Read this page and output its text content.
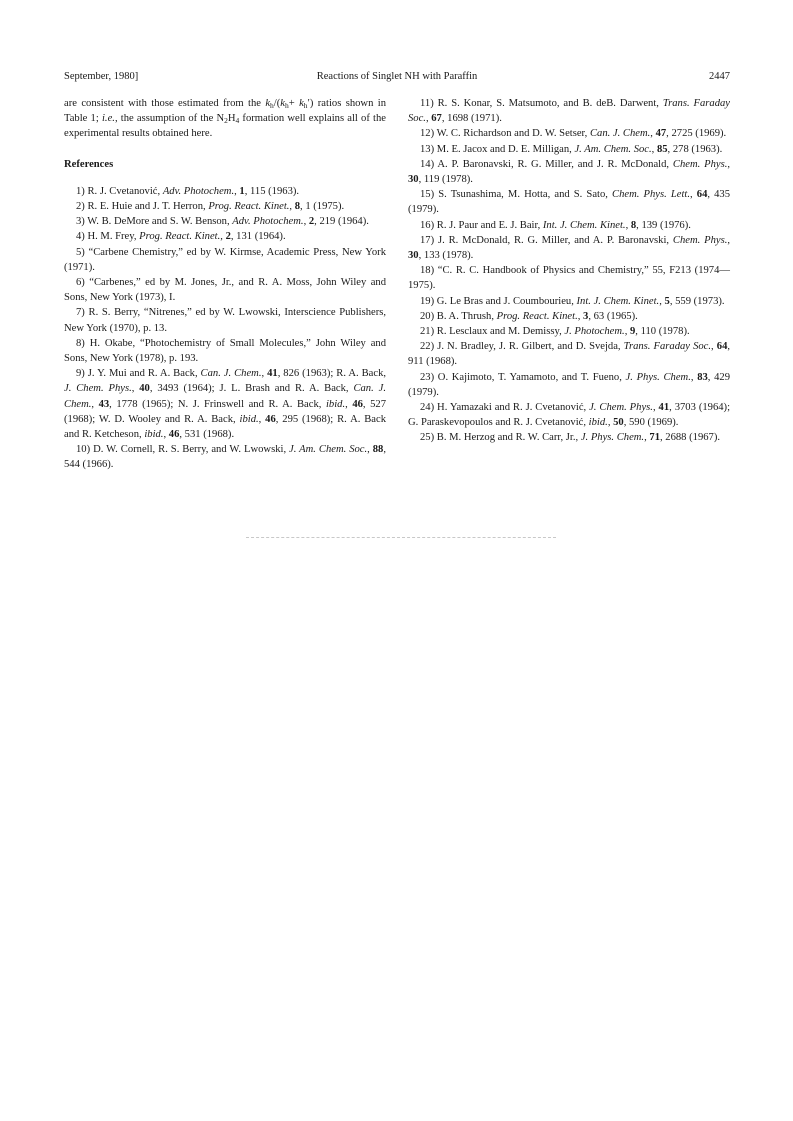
September, 1980]	Reactions of Singlet NH with Paraffin	2447

are consistent with those estimated from the $k_h/(k_h+ k_h')$ ratios shown in Table 1; i.e., the assumption of the $N_2H_4$ formation well explains all of the experimental results obtained here.

References

1) R. J. Cvetanović, Adv. Photochem., 1, 115 (1963).

2) R. E. Huie and J. T. Herron, Prog. React. Kinet., 8, 1 (1975).

3) W. B. DeMore and S. W. Benson, Adv. Photochem., 2, 219 (1964).

4) H. M. Frey, Prog. React. Kinet., 2, 131 (1964).

5) “Carbene Chemistry,” ed by W. Kirmse, Academic Press, New York (1971).

6) “Carbenes,” ed by M. Jones, Jr., and R. A. Moss, John Wiley and Sons, New York (1973), I.

7) R. S. Berry, “Nitrenes,” ed by W. Lwowski, Interscience Publishers, New York (1970), p. 13.

8) H. Okabe, “Photochemistry of Small Molecules,” John Wiley and Sons, New York (1978), p. 193.

9) J. Y. Mui and R. A. Back, Can. J. Chem., 41, 826 (1963); R. A. Back, J. Chem. Phys., 40, 3493 (1964); J. L. Brash and R. A. Back, Can. J. Chem., 43, 1778 (1965); N. J. Frinswell and R. A. Back, ibid., 46, 527 (1968); W. D. Wooley and R. A. Back, ibid., 46, 295 (1968); R. A. Back and R. Ketcheson, ibid., 46, 531 (1968).

10) D. W. Cornell, R. S. Berry, and W. Lwowski, J. Am. Chem. Soc., 88, 544 (1966).

11) R. S. Konar, S. Matsumoto, and B. deB. Darwent, Trans. Faraday Soc., 67, 1698 (1971).

12) W. C. Richardson and D. W. Setser, Can. J. Chem., 47, 2725 (1969).

13) M. E. Jacox and D. E. Milligan, J. Am. Chem. Soc., 85, 278 (1963).

14) A. P. Baronavski, R. G. Miller, and J. R. McDonald, Chem. Phys., 30, 119 (1978).

15) S. Tsunashima, M. Hotta, and S. Sato, Chem. Phys. Lett., 64, 435 (1979).

16) R. J. Paur and E. J. Bair, Int. J. Chem. Kinet., 8, 139 (1976).

17) J. R. McDonald, R. G. Miller, and A. P. Baronavski, Chem. Phys., 30, 133 (1978).

18) “C. R. C. Handbook of Physics and Chemistry,” 55, F213 (1974—1975).

19) G. Le Bras and J. Coumbourieu, Int. J. Chem. Kinet., 5, 559 (1973).

20) B. A. Thrush, Prog. React. Kinet., 3, 63 (1965).

21) R. Lesclaux and M. Demissy, J. Photochem., 9, 110 (1978).

22) J. N. Bradley, J. R. Gilbert, and D. Svejda, Trans. Faraday Soc., 64, 911 (1968).

23) O. Kajimoto, T. Yamamoto, and T. Fueno, J. Phys. Chem., 83, 429 (1979).

24) H. Yamazaki and R. J. Cvetanović, J. Chem. Phys., 41, 3703 (1964); G. Paraskevopoulos and R. J. Cvetanović, ibid., 50, 590 (1969).

25) B. M. Herzog and R. W. Carr, Jr., J. Phys. Chem., 71, 2688 (1967).
